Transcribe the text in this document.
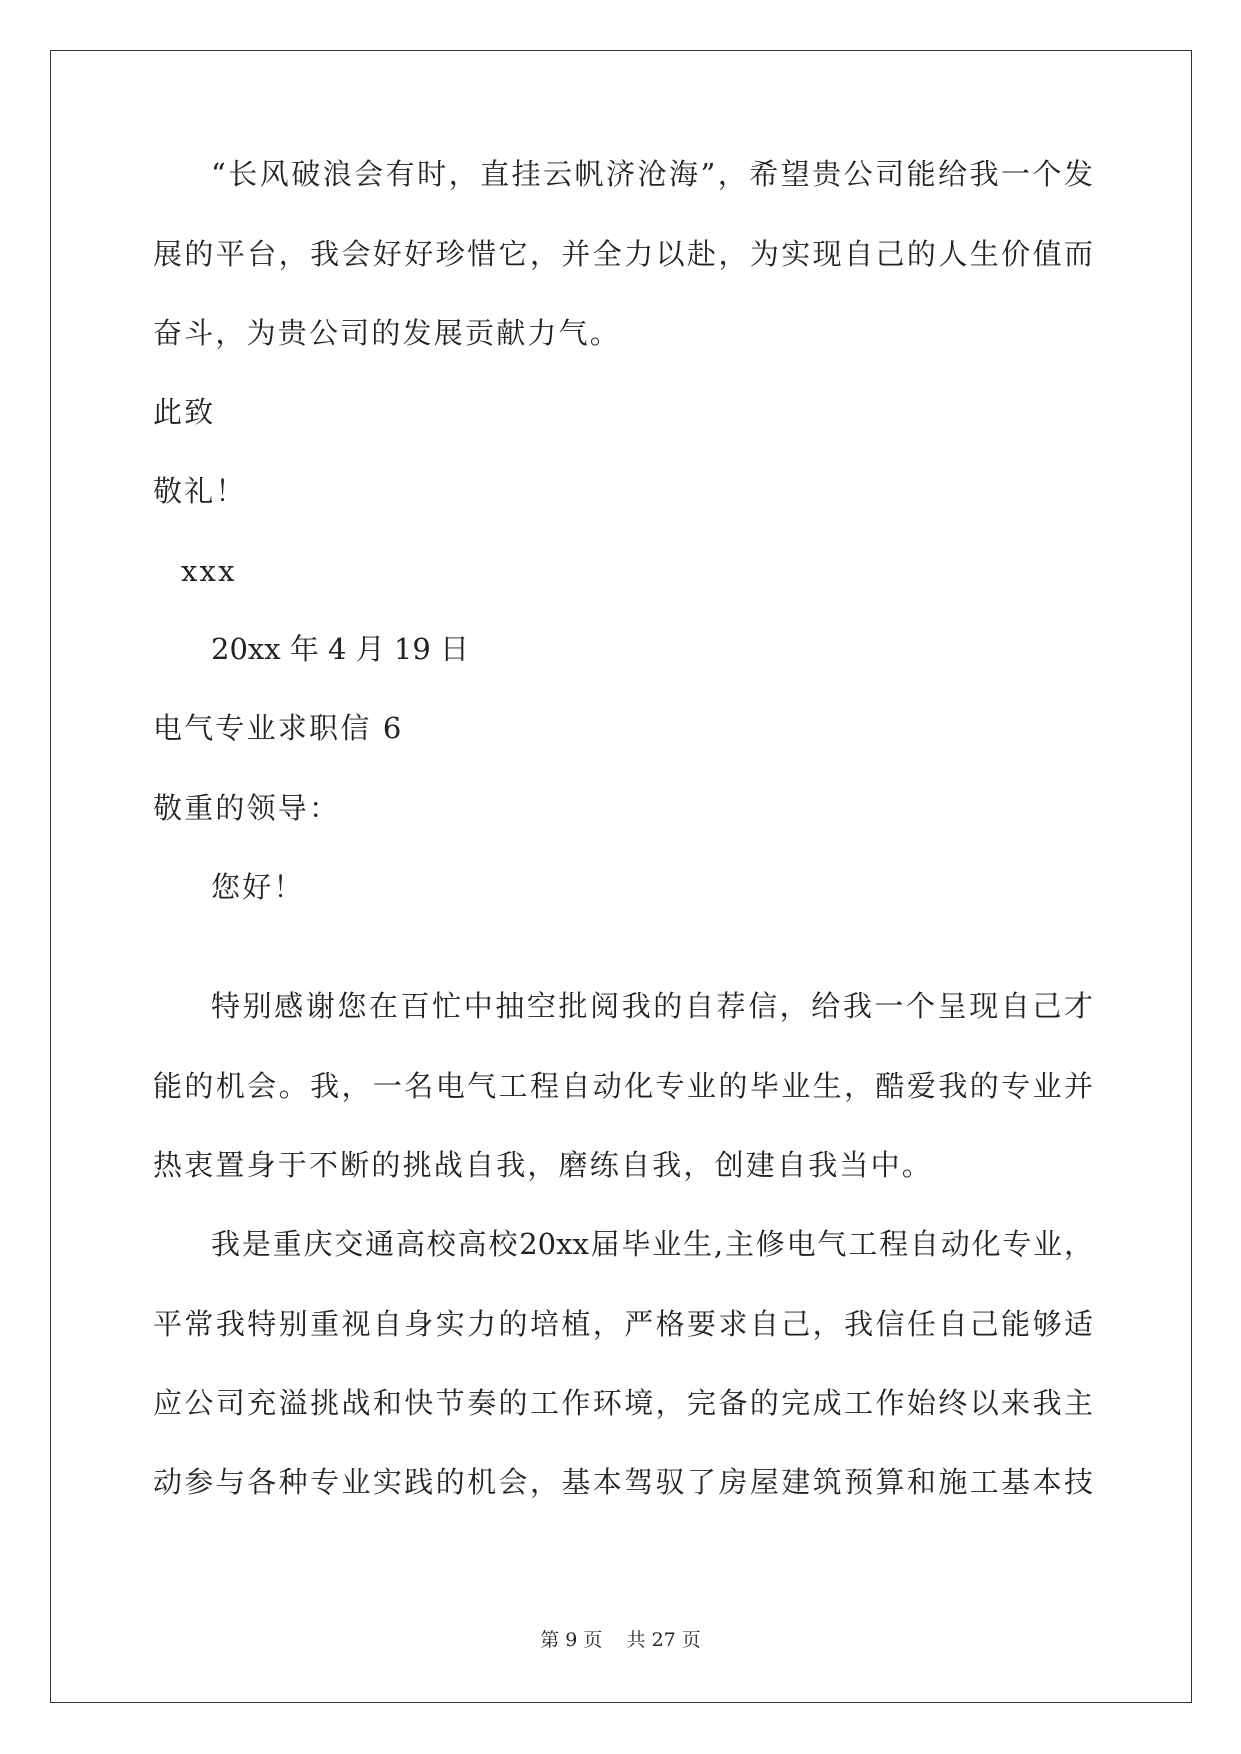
“长风破浪会有时，直挂云帆济沧海”，希望贵公司能给我一个发
展的平台，我会好好珍惜它，并全力以赴，为实现自己的人生价值而
奋斗，为贵公司的发展贡献力气。
此致
敬礼！
xxx
20xx 年 4 月 19 日
电气专业求职信 6
敬重的领导：
您好！
特别感谢您在百忙中抽空批阅我的自荐信，给我一个呈现自己才
能的机会。我，一名电气工程自动化专业的毕业生，酷爱我的专业并
热衷置身于不断的挑战自我，磨练自我，创建自我当中。
我是重庆交通高校高校20xx届毕业生,主修电气工程自动化专业，
平常我特别重视自身实力的培植，严格要求自己，我信任自己能够适
应公司充溢挑战和快节奏的工作环境，完备的完成工作始终以来我主
动参与各种专业实践的机会，基本驾驭了房屋建筑预算和施工基本技
第 9 页    共 27 页
